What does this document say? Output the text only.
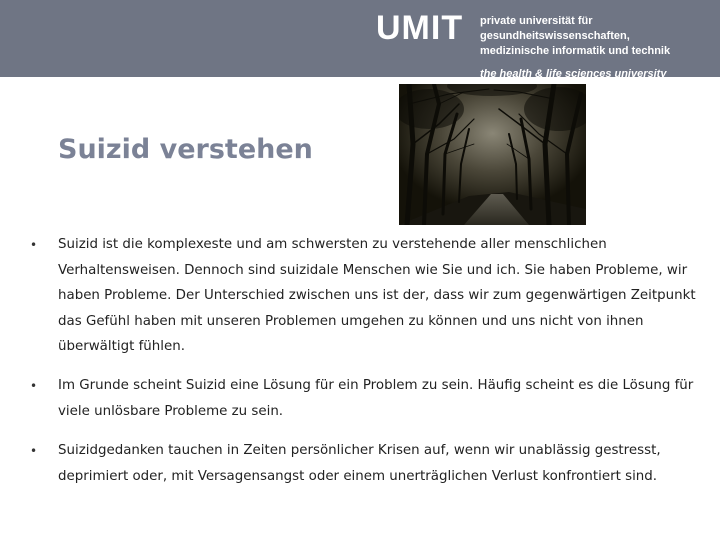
UMIT private universität für gesundheitswissenschaften,
medizinische informatik und technik
the health & life sciences university
Suizid verstehen
• Suizid ist die komplexeste und am schwersten zu verstehende aller menschlichen Verhaltensweisen. Dennoch sind suizidale Menschen wie Sie und ich. Sie haben Probleme, wir haben Probleme. Der Unterschied zwischen uns ist der, dass wir zum gegenwärtigen Zeitpunkt das Gefühl haben mit unseren Problemen umgehen zu können und uns nicht von ihnen überwältigt fühlen.
• Im Grunde scheint Suizid eine Lösung für ein Problem zu sein. Häufig scheint es die Lösung für viele unlösbare Probleme zu sein.
• Suizidgedanken tauchen in Zeiten persönlicher Krisen auf, wenn wir unablässig gestresst, deprimiert oder, mit Versagensangst oder einem unerträglichen Verlust konfrontiert sind.
